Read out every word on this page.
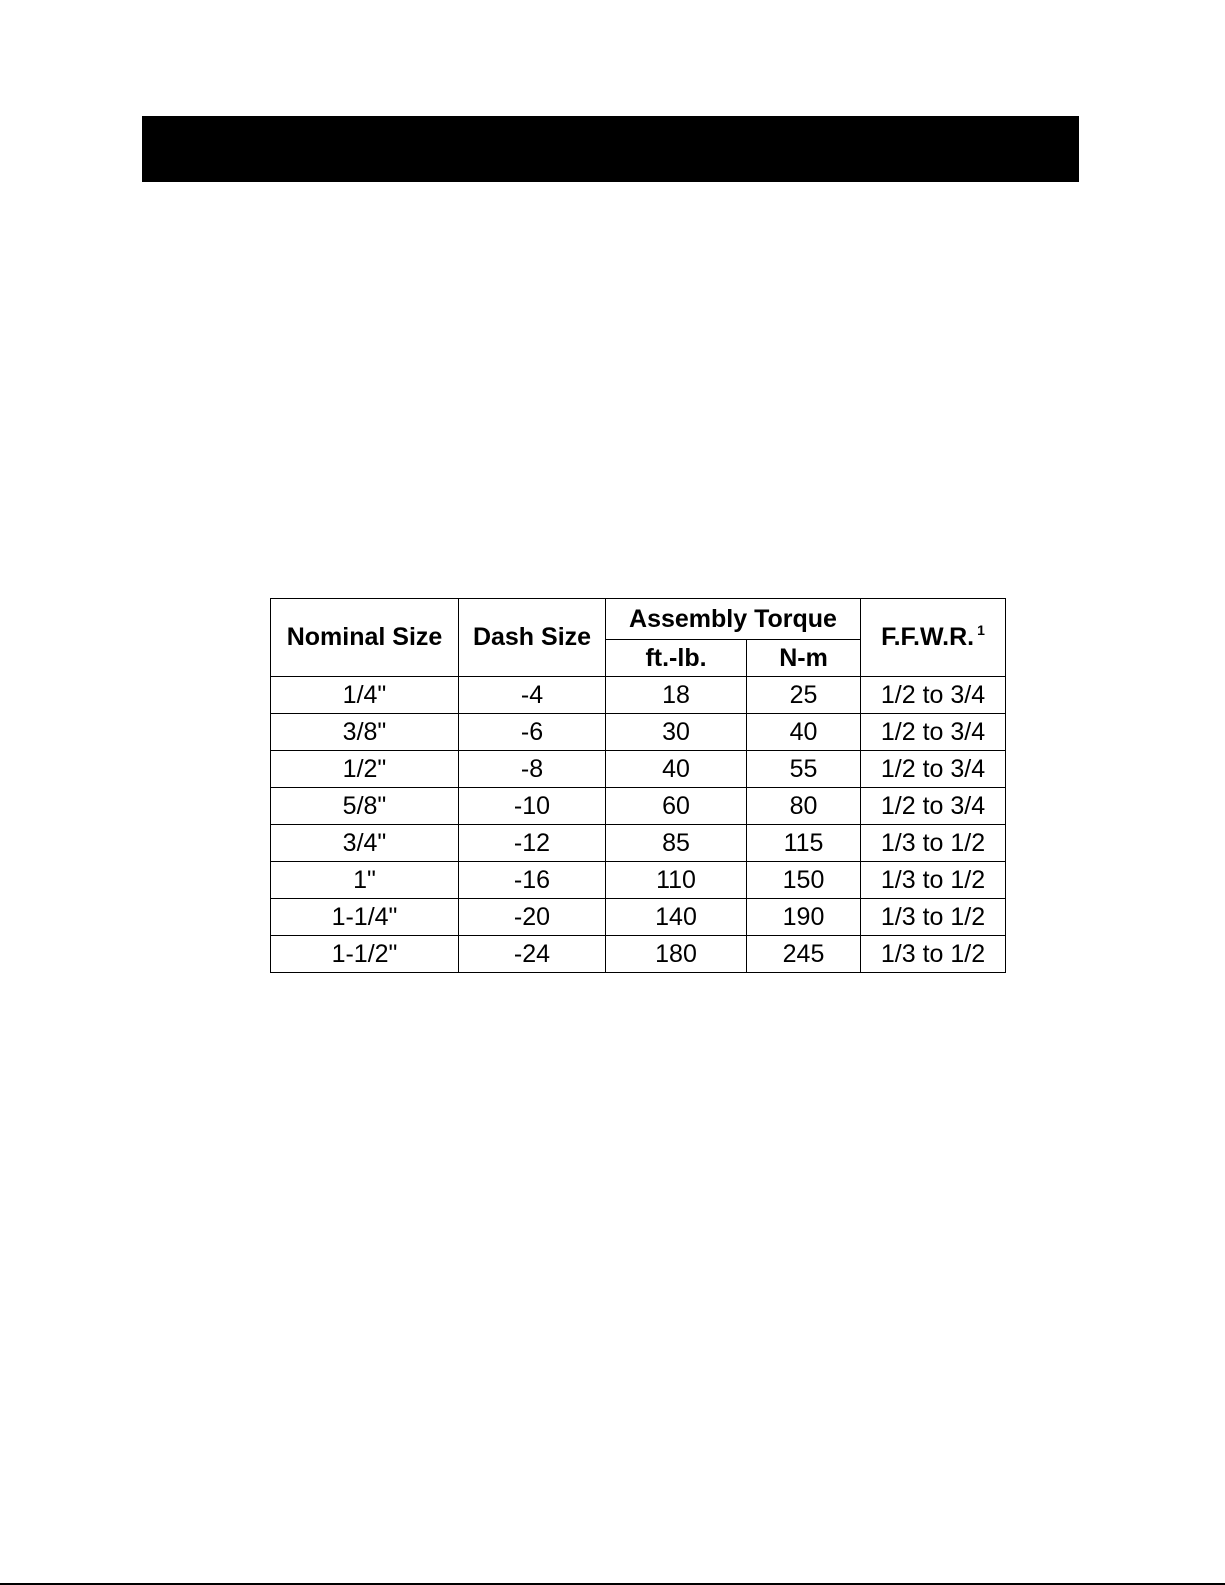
Nominal Size	Dash Size	Assembly Torque		F.F.W.R. $^1$
		ft.-lb.	N-m	
1/4"	-4	18	25	1/2 to 3/4
3/8"	-6	30	40	1/2 to 3/4
1/2"	-8	40	55	1/2 to 3/4
5/8"	-10	60	80	1/2 to 3/4
3/4"	-12	85	115	1/3 to 1/2
1"	-16	110	150	1/3 to 1/2
1-1/4"	-20	140	190	1/3 to 1/2
1-1/2"	-24	180	245	1/3 to 1/2
